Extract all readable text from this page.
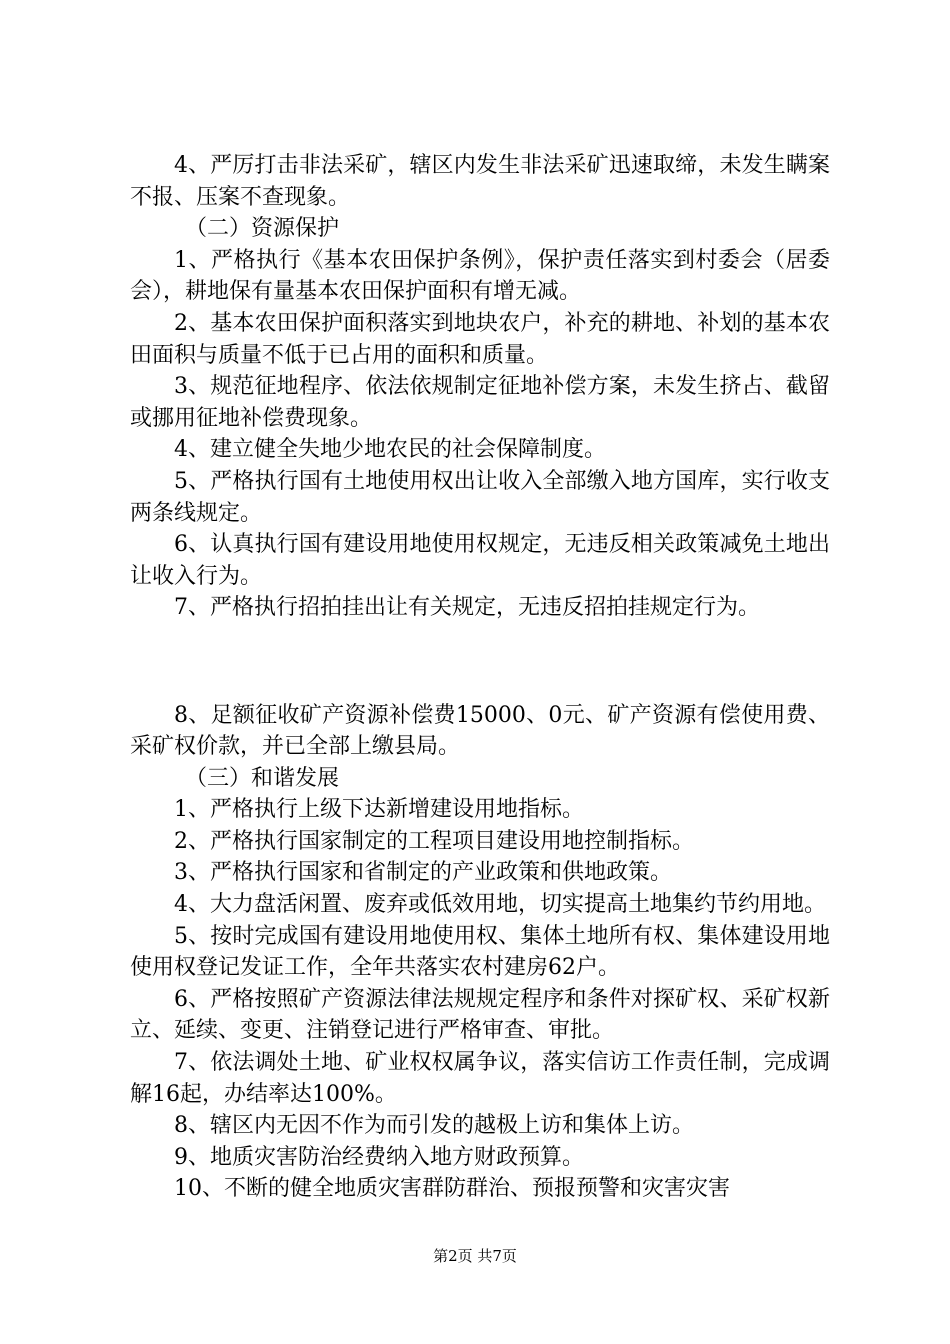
4、严厉打击非法采矿，辖区内发生非法采矿迅速取缔，未发生瞒案不报、压案不查现象。

（二）资源保护

1、严格执行《基本农田保护条例》，保护责任落实到村委会（居委会），耕地保有量基本农田保护面积有增无减。

2、基本农田保护面积落实到地块农户，补充的耕地、补划的基本农田面积与质量不低于已占用的面积和质量。

3、规范征地程序、依法依规制定征地补偿方案，未发生挤占、截留或挪用征地补偿费现象。

4、建立健全失地少地农民的社会保障制度。

5、严格执行国有土地使用权出让收入全部缴入地方国库，实行收支两条线规定。

6、认真执行国有建设用地使用权规定，无违反相关政策减免土地出让收入行为。

7、严格执行招拍挂出让有关规定，无违反招拍挂规定行为。

8、足额征收矿产资源补偿费15000、0元、矿产资源有偿使用费、采矿权价款，并已全部上缴县局。

（三）和谐发展

1、严格执行上级下达新增建设用地指标。

2、严格执行国家制定的工程项目建设用地控制指标。

3、严格执行国家和省制定的产业政策和供地政策。

4、大力盘活闲置、废弃或低效用地，切实提高土地集约节约用地。

5、按时完成国有建设用地使用权、集体土地所有权、集体建设用地使用权登记发证工作，全年共落实农村建房62户。

6、严格按照矿产资源法律法规规定程序和条件对探矿权、采矿权新立、延续、变更、注销登记进行严格审查、审批。

7、依法调处土地、矿业权权属争议，落实信访工作责任制，完成调解16起，办结率达100%。

8、辖区内无因不作为而引发的越极上访和集体上访。

9、地质灾害防治经费纳入地方财政预算。

10、不断的健全地质灾害群防群治、预报预警和灾害灾害

第2页 共7页
